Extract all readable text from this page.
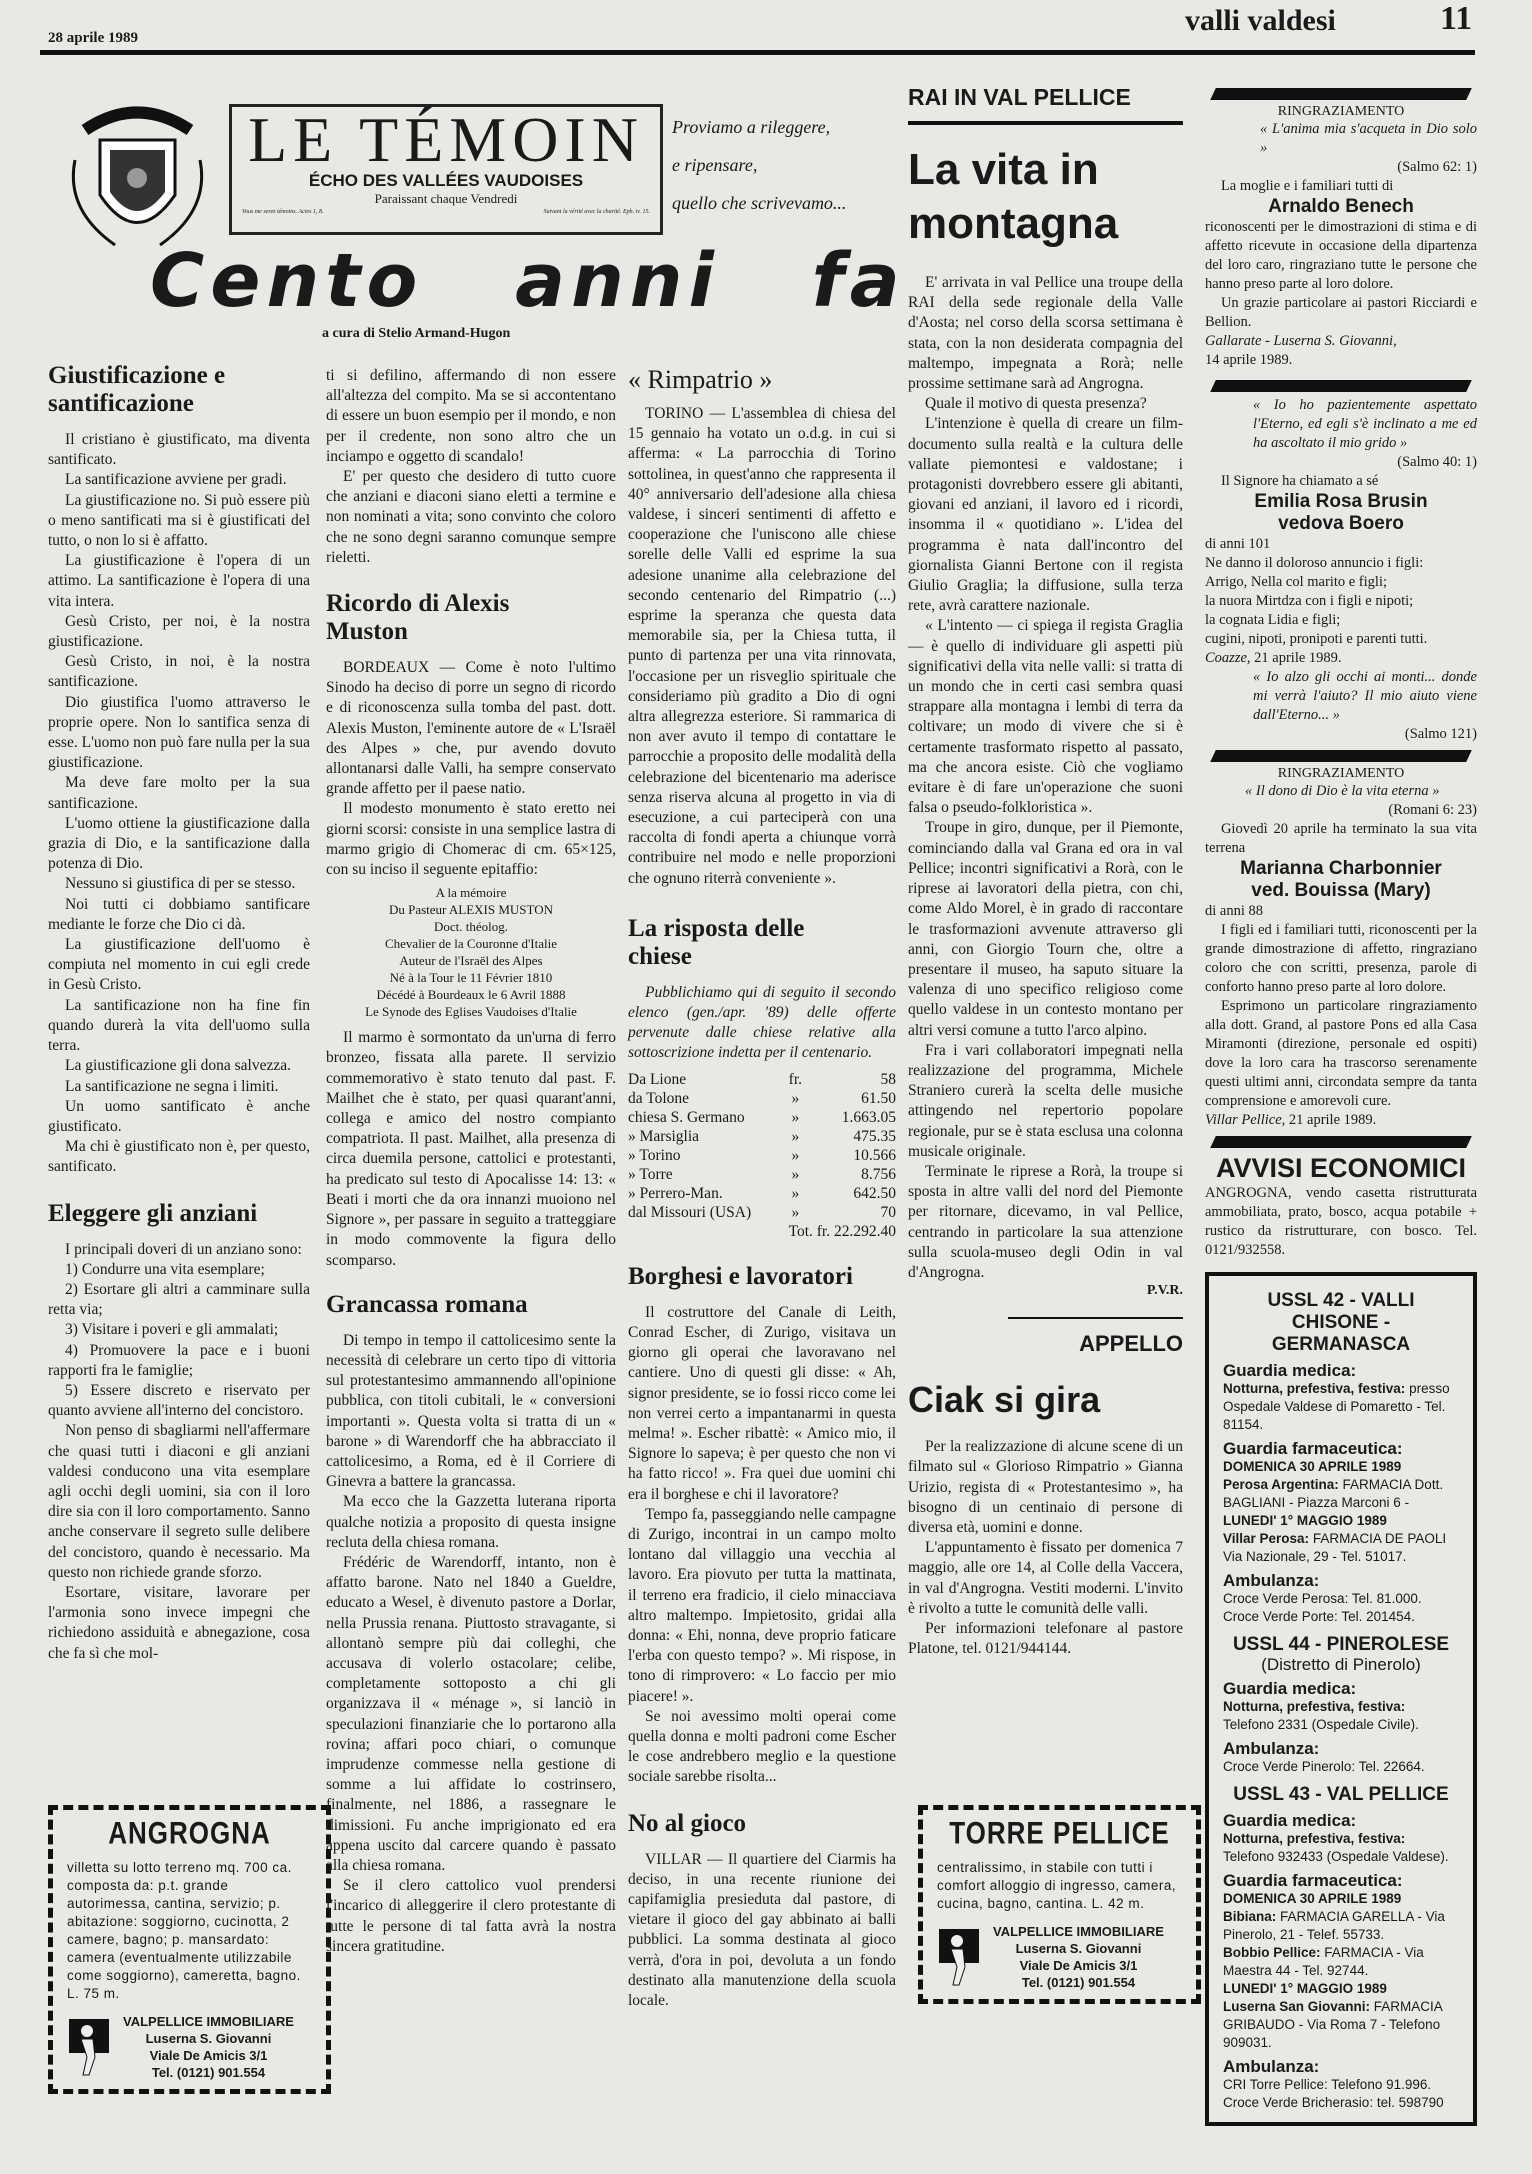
28 aprile 1989
valli valdesi	11
LE TÉMOIN
ÉCHO DES VALLÉES VAUDOISES
Paraissant chaque Vendredi
Vous me serez témoins. Actes 1, 8.	Suivant la vérité avec la charité. Eph. iv. 15.
Proviamo a rileggere,
e ripensare,
quello che scrivevamo...
Cento anni fa
a cura di Stelio Armand-Hugon
Giustificazione e santificazione

Il cristiano è giustificato, ma diventa santificato.

La santificazione avviene per gradi.

La giustificazione no. Si può essere più o meno santificati ma si è giustificati del tutto, o non lo si è affatto.

La giustificazione è l'opera di un attimo. La santificazione è l'opera di una vita intera.

Gesù Cristo, per noi, è la nostra giustificazione.

Gesù Cristo, in noi, è la nostra santificazione.

Dio giustifica l'uomo attraverso le proprie opere. Non lo santifica senza di esse. L'uomo non può fare nulla per la sua giustificazione.

Ma deve fare molto per la sua santificazione.

L'uomo ottiene la giustificazione dalla grazia di Dio, e la santificazione dalla potenza di Dio.

Nessuno si giustifica di per se stesso.

Noi tutti ci dobbiamo santificare mediante le forze che Dio ci dà.

La giustificazione dell'uomo è compiuta nel momento in cui egli crede in Gesù Cristo.

La santificazione non ha fine fin quando durerà la vita dell'uomo sulla terra.

La giustificazione gli dona salvezza.

La santificazione ne segna i limiti.

Un uomo santificato è anche giustificato.

Ma chi è giustificato non è, per questo, santificato.

Eleggere gli anziani

I principali doveri di un anziano sono:

1) Condurre una vita esemplare;

2) Esortare gli altri a camminare sulla retta via;

3) Visitare i poveri e gli ammalati;

4) Promuovere la pace e i buoni rapporti fra le famiglie;

5) Essere discreto e riservato per quanto avviene all'interno del concistoro.

Non penso di sbagliarmi nell'affermare che quasi tutti i diaconi e gli anziani valdesi conducono una vita esemplare agli occhi degli uomini, sia con il loro dire sia con il loro comportamento. Sanno anche conservare il segreto sulle delibere del concistoro, quando è necessario. Ma questo non richiede grande sforzo.

Esortare, visitare, lavorare per l'armonia sono invece impegni che richiedono assiduità e abnegazione, cosa che fa sì che mol-

ANGROGNA
villetta su lotto terreno mq. 700 ca. composta da: p.t. grande autorimessa, cantina, servizio; p. abitazione: soggiorno, cucinotta, 2 camere, bagno; p. mansardato: camera (eventualmente utilizzabile come soggiorno), cameretta, bagno. L. 75 m.
VALPELLICE IMMOBILIARE
Luserna S. Giovanni
Viale De Amicis 3/1
Tel. (0121) 901.554

ti si defilino, affermando di non essere all'altezza del compito. Ma se si accontentano di essere un buon esempio per il mondo, e non per il credente, non sono altro che un inciampo e oggetto di scandalo!

E' per questo che desidero di tutto cuore che anziani e diaconi siano eletti a termine e non nominati a vita; sono convinto che coloro che ne sono degni saranno comunque sempre rieletti.

Ricordo di Alexis Muston

BORDEAUX — Come è noto l'ultimo Sinodo ha deciso di porre un segno di ricordo e di riconoscenza sulla tomba del past. dott. Alexis Muston, l'eminente autore de « L'Israël des Alpes » che, pur avendo dovuto allontanarsi dalle Valli, ha sempre conservato grande affetto per il paese natio.

Il modesto monumento è stato eretto nei giorni scorsi: consiste in una semplice lastra di marmo grigio di Chomerac di cm. 65×125, con su inciso il seguente epitaffio:

A la mémoire
Du Pasteur ALEXIS MUSTON
Doct. théolog.
Chevalier de la Couronne d'Italie
Auteur de l'Israël des Alpes
Né à la Tour le 11 Février 1810
Décédé à Bourdeaux le 6 Avril 1888
Le Synode des Eglises Vaudoises d'Italie

Il marmo è sormontato da un'urna di ferro bronzeo, fissata alla parete. Il servizio commemorativo è stato tenuto dal past. F. Mailhet che è stato, per quasi quarant'anni, collega e amico del nostro compianto compatriota. Il past. Mailhet, alla presenza di circa duemila persone, cattolici e protestanti, ha predicato sul testo di Apocalisse 14: 13: « Beati i morti che da ora innanzi muoiono nel Signore », per passare in seguito a tratteggiare in modo commovente la figura dello scomparso.

Grancassa romana

Di tempo in tempo il cattolicesimo sente la necessità di celebrare un certo tipo di vittoria sul protestantesimo ammannendo all'opinione pubblica, con titoli cubitali, le « conversioni importanti ». Questa volta si tratta di un « barone » di Warendorff che ha abbracciato il cattolicesimo, a Roma, ed è il Corriere di Ginevra a battere la grancassa.

Ma ecco che la Gazzetta luterana riporta qualche notizia a proposito di questa insigne recluta della chiesa romana.

Frédéric de Warendorff, intanto, non è affatto barone. Nato nel 1840 a Gueldre, educato a Wesel, è divenuto pastore a Dorlar, nella Prussia renana. Piuttosto stravagante, si allontanò sempre più dai colleghi, che accusava di volerlo ostacolare; celibe, completamente sottoposto a chi gli organizzava il « ménage », si lanciò in speculazioni finanziarie che lo portarono alla rovina; affari poco chiari, o comunque imprudenze commesse nella gestione di somme a lui affidate lo costrinsero, finalmente, nel 1886, a rassegnare le dimissioni. Fu anche imprigionato ed era appena uscito dal carcere quando è passato alla chiesa romana.

Se il clero cattolico vuol prendersi l'incarico di alleggerire il clero protestante di tutte le persone di tal fatta avrà la nostra sincera gratitudine.

« Rimpatrio »

TORINO — L'assemblea di chiesa del 15 gennaio ha votato un o.d.g. in cui si afferma: « La parrocchia di Torino sottolinea, in quest'anno che rappresenta il 40° anniversario dell'adesione alla chiesa valdese, i sinceri sentimenti di affetto e cooperazione che l'uniscono alle chiese sorelle delle Valli ed esprime la sua adesione unanime alla celebrazione del secondo centenario del Rimpatrio (...) esprime la speranza che questa data memorabile sia, per la Chiesa tutta, il punto di partenza per una vita rinnovata, l'occasione per un risveglio spirituale che consideriamo più gradito a Dio di ogni altra allegrezza esteriore. Si rammarica di non aver avuto il tempo di contattare le parrocchie a proposito delle modalità della celebrazione del bicentenario ma aderisce senza riserva alcuna al progetto in via di esecuzione, a cui parteciperà con una raccolta di fondi aperta a chiunque vorrà contribuire nel modo e nelle proporzioni che ognuno riterrà conveniente ».

La risposta delle chiese

Pubblichiamo qui di seguito il secondo elenco (gen./apr. '89) delle offerte pervenute dalle chiese relative alla sottoscrizione indetta per il centenario.

Da Lione	fr.	58
da Tolone	»	61.50
chiesa S. Germano	»	1.663.05
» Marsiglia	»	475.35
» Torino	»	10.566
» Torre	»	8.756
» Perrero-Man.	»	642.50
dal Missouri (USA)	»	70
	Tot. fr. 22.292.40	
Borghesi e lavoratori

Il costruttore del Canale di Leith, Conrad Escher, di Zurigo, visitava un giorno gli operai che lavoravano nel cantiere. Uno di questi gli disse: « Ah, signor presidente, se io fossi ricco come lei non verrei certo a impantanarmi in questa melma! ». Escher ribattè: « Amico mio, il Signore lo sapeva; è per questo che non vi ha fatto ricco! ». Fra quei due uomini chi era il borghese e chi il lavoratore?

Tempo fa, passeggiando nelle campagne di Zurigo, incontrai in un campo molto lontano dal villaggio una vecchia al lavoro. Era piovuto per tutta la mattinata, il terreno era fradicio, il cielo minacciava altro maltempo. Impietosito, gridai alla donna: « Ehi, nonna, deve proprio faticare l'erba con questo tempo? ». Mi rispose, in tono di rimprovero: « Lo faccio per mio piacere! ».

Se noi avessimo molti operai come quella donna e molti padroni come Escher le cose andrebbero meglio e la questione sociale sarebbe risolta...

No al gioco

VILLAR — Il quartiere del Ciarmis ha deciso, in una recente riunione dei capifamiglia presieduta dal pastore, di vietare il gioco del gay abbinato ai balli pubblici. La somma destinata al gioco verrà, d'ora in poi, devoluta a un fondo destinato alla manutenzione della scuola locale.

RAI IN VAL PELLICE
La vita in montagna

E' arrivata in val Pellice una troupe della RAI della sede regionale della Valle d'Aosta; nel corso della scorsa settimana è stata, con la non desiderata compagnia del maltempo, impegnata a Rorà; nelle prossime settimane sarà ad Angrogna.

Quale il motivo di questa presenza?

L'intenzione è quella di creare un film-documento sulla realtà e la cultura delle vallate piemontesi e valdostane; i protagonisti dovrebbero essere gli abitanti, giovani ed anziani, il lavoro ed i ricordi, insomma il « quotidiano ». L'idea del programma è nata dall'incontro del giornalista Gianni Bertone con il regista Giulio Graglia; la diffusione, sulla terza rete, avrà carattere nazionale.

« L'intento — ci spiega il regista Graglia — è quello di individuare gli aspetti più significativi della vita nelle valli: si tratta di un mondo che in certi casi sembra quasi strappare alla montagna i lembi di terra da coltivare; un modo di vivere che si è certamente trasformato rispetto al passato, ma che ancora esiste. Ciò che vogliamo evitare è di fare un'operazione che suoni falsa o pseudo-folkloristica ».

Troupe in giro, dunque, per il Piemonte, cominciando dalla val Grana ed ora in val Pellice; incontri significativi a Rorà, con le riprese ai lavoratori della pietra, con chi, come Aldo Morel, è in grado di raccontare le trasformazioni avvenute attraverso gli anni, con Giorgio Tourn che, oltre a presentare il museo, ha saputo situare la valenza di uno specifico religioso come quello valdese in un contesto montano per altri versi comune a tutto l'arco alpino.

Fra i vari collaboratori impegnati nella realizzazione del programma, Michele Straniero curerà la scelta delle musiche attingendo nel repertorio popolare regionale, pur se è stata esclusa una colonna musicale originale.

Terminate le riprese a Rorà, la troupe si sposta in altre valli del nord del Piemonte per ritornare, dicevamo, in val Pellice, centrando in particolare la sua attenzione sulla scuola-museo degli Odin in val d'Angrogna.

P.V.R.
APPELLO
Ciak si gira

Per la realizzazione di alcune scene di un filmato sul « Glorioso Rimpatrio » Gianna Urizio, regista di « Protestantesimo », ha bisogno di un centinaio di persone di diversa età, uomini e donne.

L'appuntamento è fissato per domenica 7 maggio, alle ore 14, al Colle della Vaccera, in val d'Angrogna. Vestiti moderni. L'invito è rivolto a tutte le comunità delle valli.

Per informazioni telefonare al pastore Platone, tel. 0121/944144.

TORRE PELLICE
centralissimo, in stabile con tutti i comfort alloggio di ingresso, camera, cucina, bagno, cantina. L. 42 m.
VALPELLICE IMMOBILIARE
Luserna S. Giovanni
Viale De Amicis 3/1
Tel. (0121) 901.554
RINGRAZIAMENTO

« L'anima mia s'acqueta in Dio solo »

(Salmo 62: 1)

La moglie e i familiari tutti di

Arnaldo Benech

riconoscenti per le dimostrazioni di stima e di affetto ricevute in occasione della dipartenza del loro caro, ringraziano tutte le persone che hanno preso parte al loro dolore.

Un grazie particolare ai pastori Ricciardi e Bellion.

Gallarate - Luserna S. Giovanni,
14 aprile 1989.

« Io ho pazientemente aspettato l'Eterno, ed egli s'è inclinato a me ed ha ascoltato il mio grido »

(Salmo 40: 1)

Il Signore ha chiamato a sé

Emilia Rosa Brusin
vedova Boero

di anni 101

Ne danno il doloroso annuncio i figli:

Arrigo, Nella col marito e figli;

la nuora Mirtdza con i figli e nipoti;

la cognata Lidia e figli;

cugini, nipoti, pronipoti e parenti tutti.

Coazze, 21 aprile 1989.

« Io alzo gli occhi ai monti... donde mi verrà l'aiuto? Il mio aiuto viene dall'Eterno... »

(Salmo 121)

RINGRAZIAMENTO

« Il dono di Dio è la vita eterna »

(Romani 6: 23)

Giovedì 20 aprile ha terminato la sua vita terrena

Marianna Charbonnier
ved. Bouissa (Mary)

di anni 88

I figli ed i familiari tutti, riconoscenti per la grande dimostrazione di affetto, ringraziano coloro che con scritti, presenza, parole di conforto hanno preso parte al loro dolore.

Esprimono un particolare ringraziamento alla dott. Grand, al pastore Pons ed alla Casa Miramonti (direzione, personale ed ospiti) dove la loro cara ha trascorso serenamente questi ultimi anni, circondata sempre da tanta comprensione e amorevoli cure.

Villar Pellice, 21 aprile 1989.

AVVISI ECONOMICI

ANGROGNA, vendo casetta ristrutturata ammobiliata, prato, bosco, acqua potabile + rustico da ristrutturare, con bosco. Tel. 0121/932558.

USSL 42 - VALLI CHISONE - GERMANASCA
Guardia medica:
Notturna, prefestiva, festiva: presso Ospedale Valdese di Pomaretto - Tel. 81154.
Guardia farmaceutica:
DOMENICA 30 APRILE 1989
Perosa Argentina: FARMACIA Dott. BAGLIANI - Piazza Marconi 6 -
LUNEDI' 1° MAGGIO 1989
Villar Perosa: FARMACIA DE PAOLI Via Nazionale, 29 - Tel. 51017.
Ambulanza:
Croce Verde Perosa: Tel. 81.000.
Croce Verde Porte: Tel. 201454.
USSL 44 - PINEROLESE
(Distretto di Pinerolo)
Guardia medica:
Notturna, prefestiva, festiva: Telefono 2331 (Ospedale Civile).
Ambulanza:
Croce Verde Pinerolo: Tel. 22664.
USSL 43 - VAL PELLICE
Guardia medica:
Notturna, prefestiva, festiva: Telefono 932433 (Ospedale Valdese).
Guardia farmaceutica:
DOMENICA 30 APRILE 1989
Bibiana: FARMACIA GARELLA - Via Pinerolo, 21 - Telef. 55733.
Bobbio Pellice: FARMACIA - Via Maestra 44 - Tel. 92744.
LUNEDI' 1° MAGGIO 1989
Luserna San Giovanni: FARMACIA GRIBAUDO - Via Roma 7 - Telefono 909031.
Ambulanza:
CRI Torre Pellice: Telefono 91.996.
Croce Verde Bricherasio: tel. 598790
